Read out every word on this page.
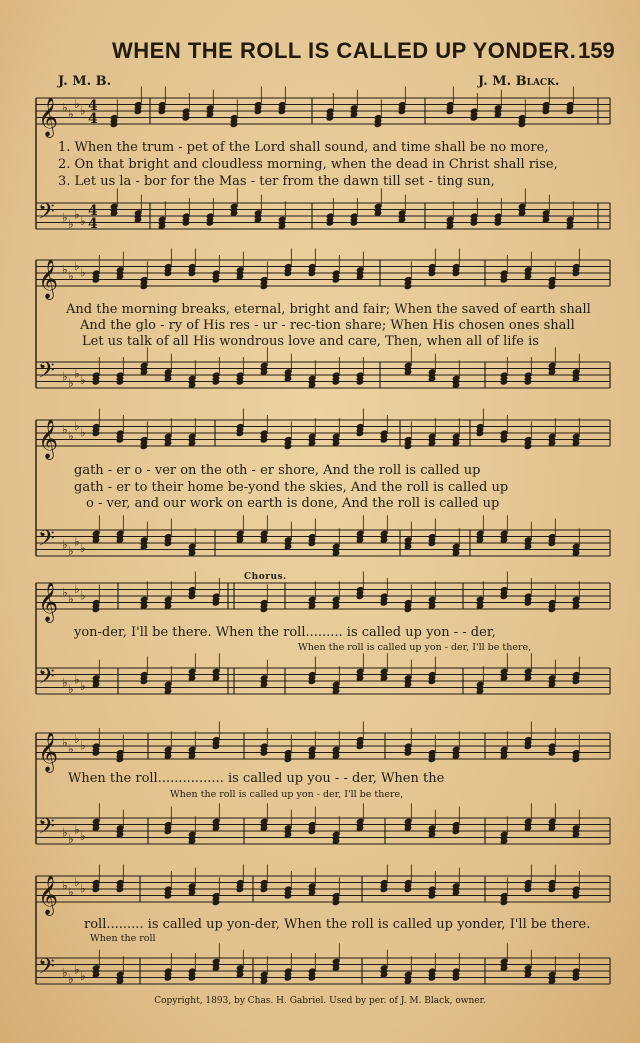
WHEN THE ROLL IS CALLED UP YONDER. 159
J. M. B.	J. M. Black.
𝄞 ♭ ♭
♭ ♭
𝄢 ♭ ♭
♭ ♭
4
4
4
4
𝄞 ♭ ♭
♭ ♭
𝄢 ♭ ♭
♭ ♭
𝄞 ♭ ♭
♭ ♭
𝄢 ♭ ♭
♭ ♭
𝄞 ♭ ♭
♭ ♭
𝄢 ♭ ♭
♭ ♭
𝄞 ♭ ♭
♭ ♭
𝄢 ♭ ♭
♭ ♭
𝄞 ♭ ♭
♭ ♭
𝄢 ♭ ♭
♭ ♭
1. When the trum - pet of the Lord shall sound, and time shall be no more,
2. On that bright and cloudless morning, when the dead in Christ shall rise,
3. Let us la - bor for the Mas - ter from the dawn till set - ting sun,
And the morning breaks, eternal, bright and fair; When the saved of earth shall
And the glo - ry of His res - ur - rec-tion share; When His chosen ones shall
Let us talk of all His wondrous love and care, Then, when all of life is
gath - er o - ver on the oth - er shore, And the roll is called up
gath - er to their home be-yond the skies, And the roll is called up
o - ver, and our work on earth is done, And the roll is called up
Chorus.
yon-der, I'll be there. When the roll......... is called up yon - - der,
When the roll is called up yon - der, I'll be there,
When the roll................ is called up you - - der, When the
When the roll is called up yon - der, I'll be there,
roll......... is called up yon-der, When the roll is called up yonder, I'll be there.
When the roll
Copyright, 1893, by Chas. H. Gabriel. Used by per. of J. M. Black, owner.
